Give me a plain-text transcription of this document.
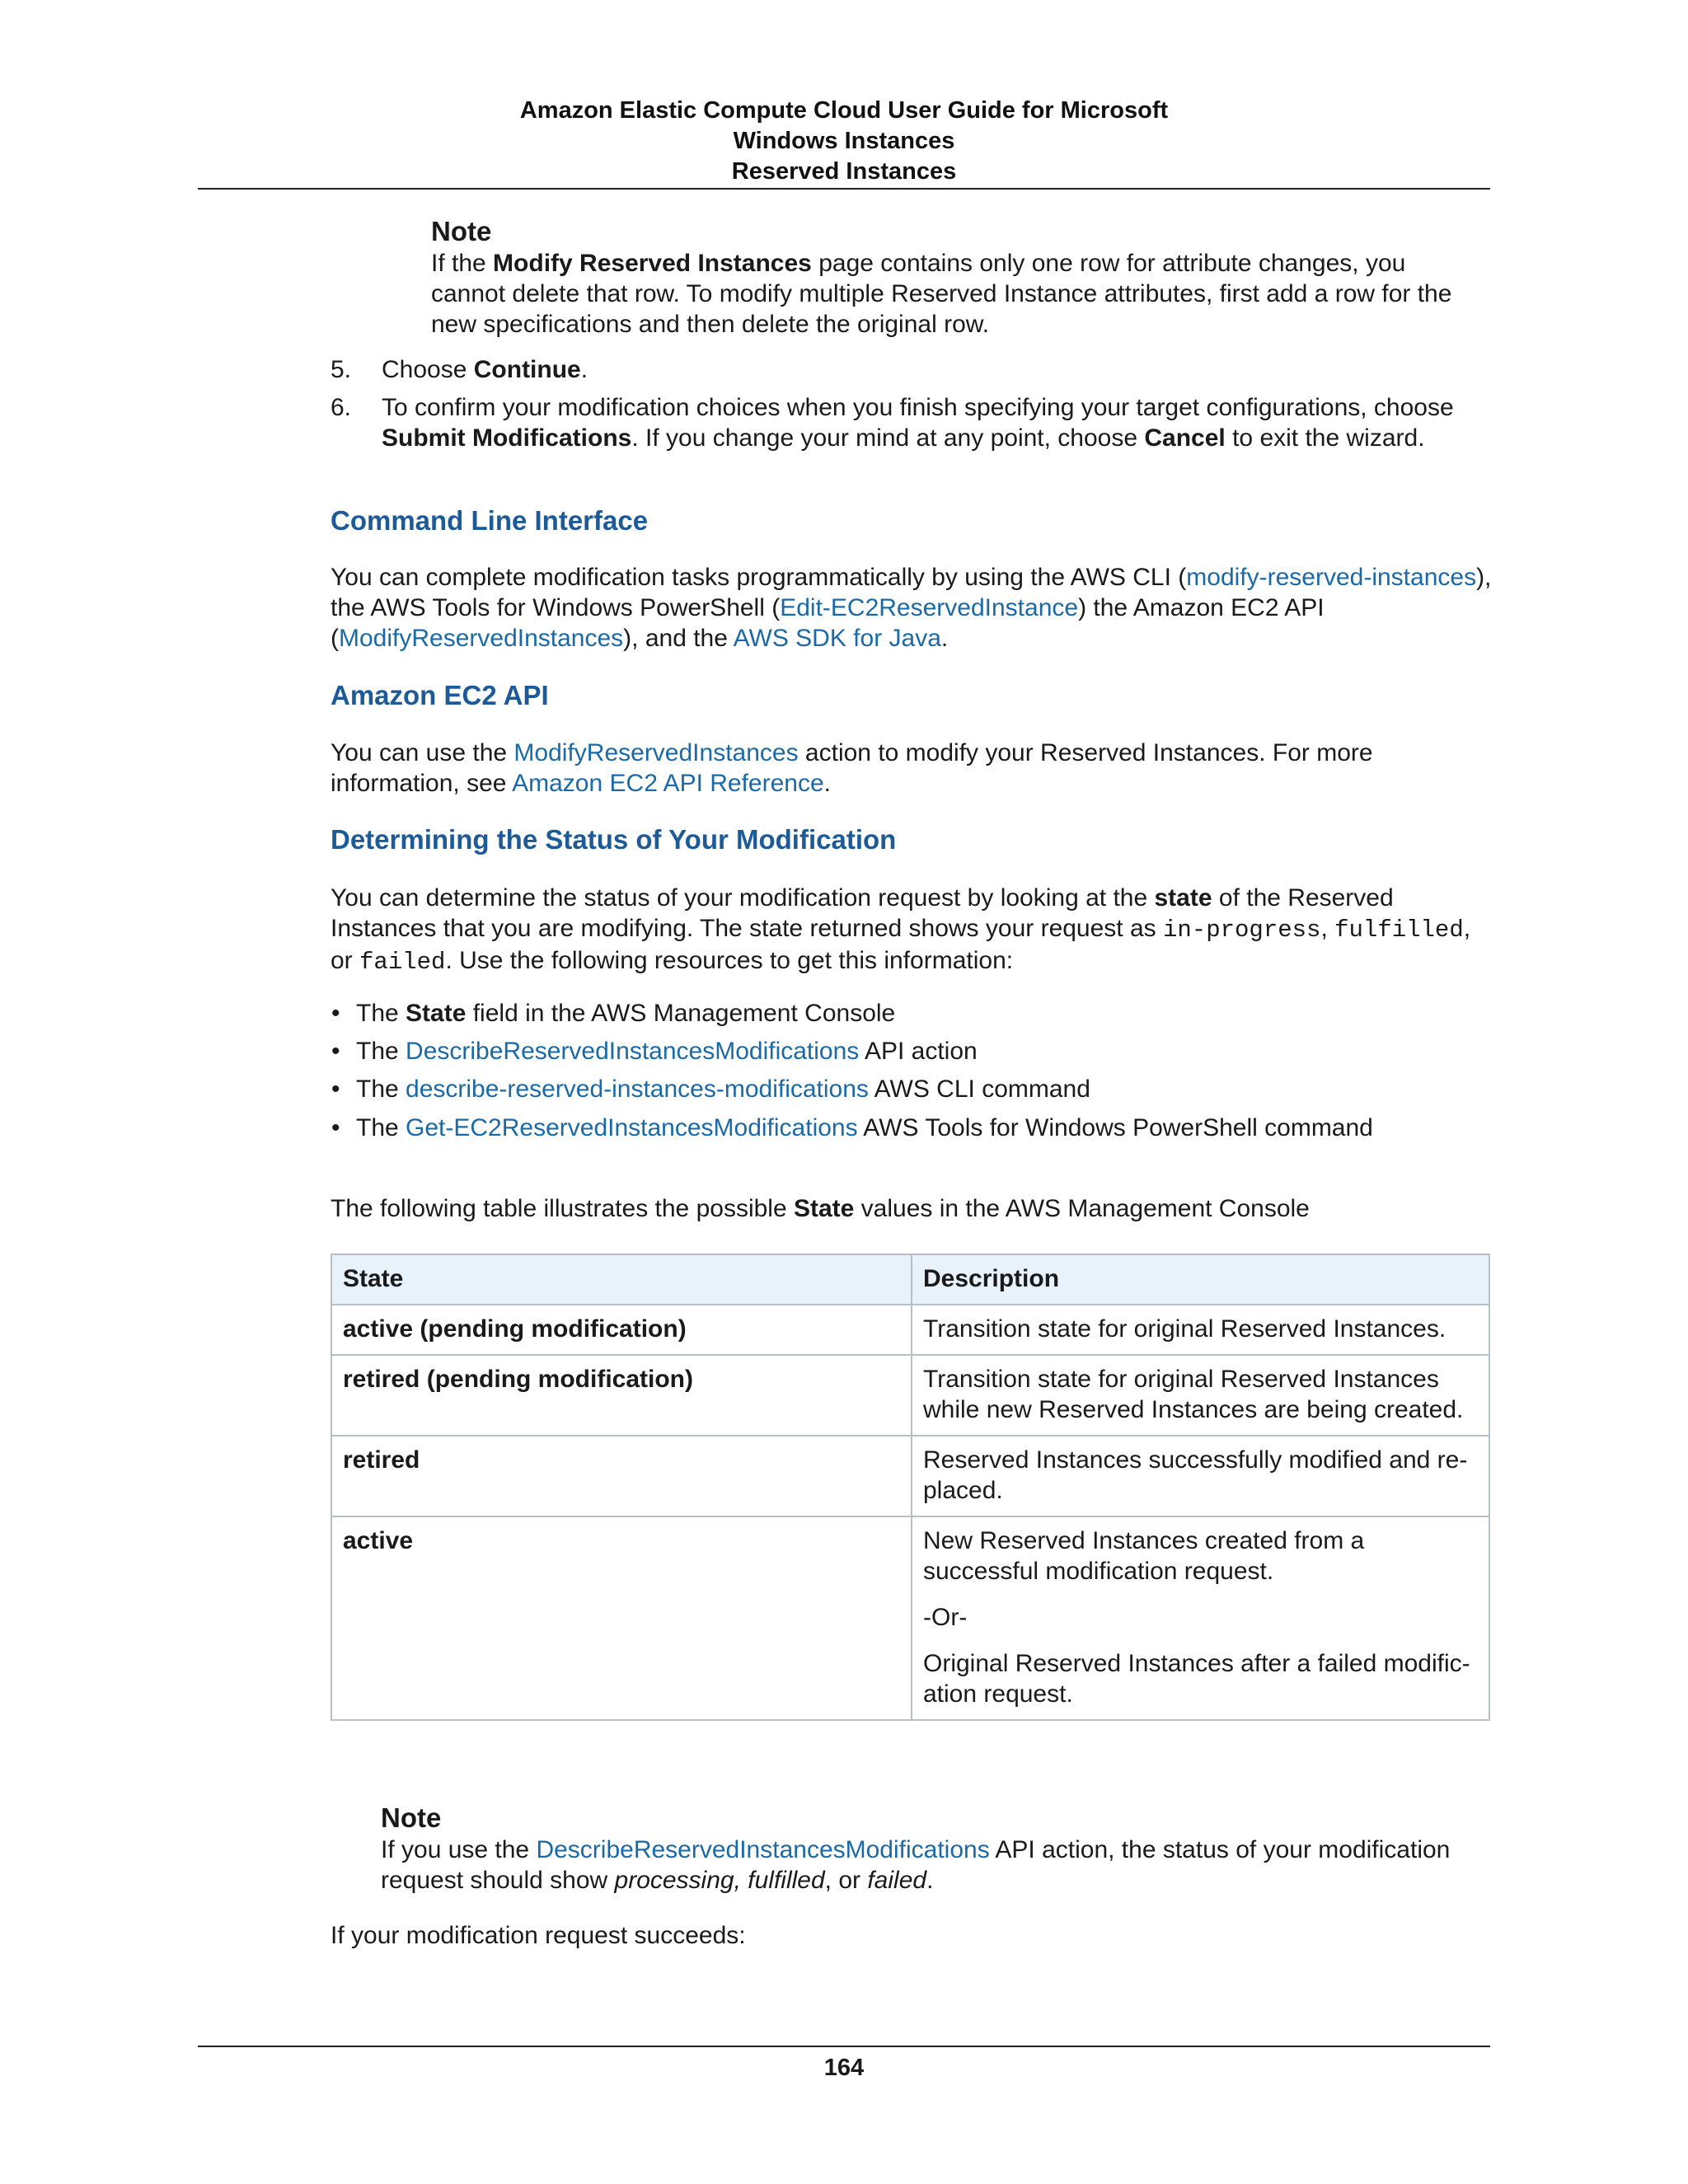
Amazon Elastic Compute Cloud User Guide for Microsoft
Windows Instances
Reserved Instances
Note
If the Modify Reserved Instances page contains only one row for attribute changes, you cannot delete that row. To modify multiple Reserved Instance attributes, first add a row for the new specifications and then delete the original row.
5. Choose Continue.
6. To confirm your modification choices when you finish specifying your target configurations, choose Submit Modifications. If you change your mind at any point, choose Cancel to exit the wizard.
Command Line Interface
You can complete modification tasks programmatically by using the AWS CLI (modify-reserved-instances), the AWS Tools for Windows PowerShell (Edit-EC2ReservedInstance) the Amazon EC2 API (ModifyReservedInstances), and the AWS SDK for Java.
Amazon EC2 API
You can use the ModifyReservedInstances action to modify your Reserved Instances. For more information, see Amazon EC2 API Reference.
Determining the Status of Your Modification
You can determine the status of your modification request by looking at the state of the Reserved Instances that you are modifying. The state returned shows your request as in-progress, fulfilled, or failed. Use the following resources to get this information:
• The State field in the AWS Management Console
• The DescribeReservedInstancesModifications API action
• The describe-reserved-instances-modifications AWS CLI command
• The Get-EC2ReservedInstancesModifications AWS Tools for Windows PowerShell command
The following table illustrates the possible State values in the AWS Management Console
State	Description
active (pending modification)	Transition state for original Reserved Instances.
retired (pending modification)	Transition state for original Reserved Instances while new Reserved Instances are being created.
retired	Reserved Instances successfully modified and re-placed.
active	New Reserved Instances created from a successful modification request.

-Or-

Original Reserved Instances after a failed modific-ation request.

Note
If you use the DescribeReservedInstancesModifications API action, the status of your modification request should show processing, fulfilled, or failed.
If your modification request succeeds:
164
